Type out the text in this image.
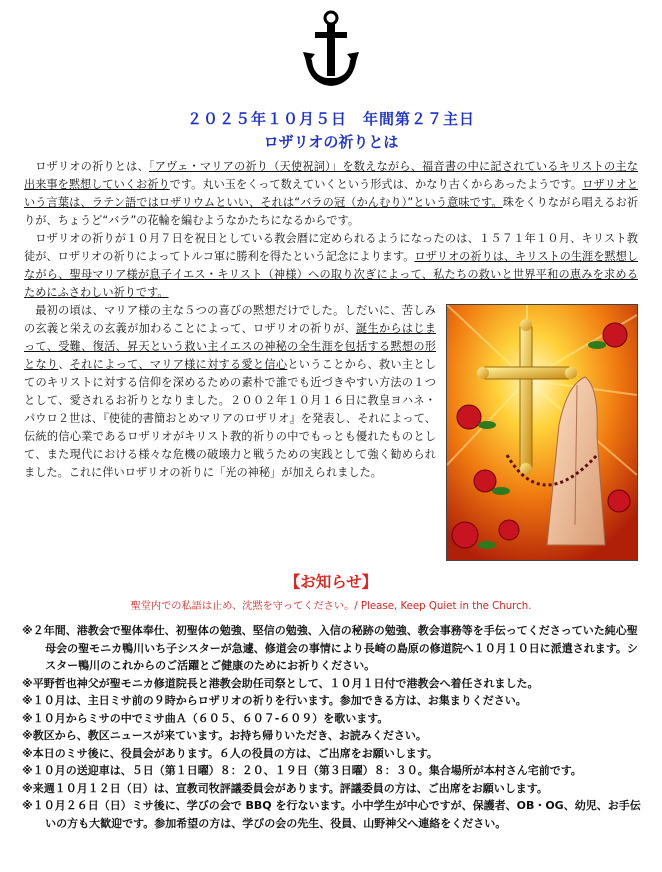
２０２５年１０月５日　年間第２７主日
ロザリオの祈りとは

ロザリオの祈りとは、「アヴェ・マリアの祈り（天使祝詞）」を数えながら、福音書の中に記されているキリストの主な出来事を黙想していくお祈りです。丸い玉をくって数えていくという形式は、かなり古くからあったようです。ロザリオという言葉は、ラテン語ではロザリウムといい、それは“バラの冠（かんむり）”という意味です。珠をくりながら唱えるお祈りが、ちょうど“バラ”の花輪を編むようなかたちになるからです。

ロザリオの祈りが１０月７日を祝日としている教会暦に定められるようになったのは、１５７１年１０月、キリスト教徒が、ロザリオの祈りによってトルコ軍に勝利を得たという記念によります。ロザリオの祈りは、キリストの生涯を黙想しながら、聖母マリア様が息子イエス・キリスト（神様）への取り次ぎによって、私たちの救いと世界平和の恵みを求めるためにふさわしい祈りです。

最初の頃は、マリア様の主な５つの喜びの黙想だけでした。しだいに、苦しみの玄義と栄えの玄義が加わることによって、ロザリオの祈りが、誕生からはじまって、受難、復活、昇天という救い主イエスの神秘の全生涯を包括する黙想の形となり、それによって、マリア様に対する愛と信心ということから、救い主としてのキリストに対する信仰を深めるための素朴で誰でも近づきやすい方法の１つとして、愛されるお祈りとなりました。２００２年１０月１６日に教皇ヨハネ・パウロ２世は、『使徒的書簡おとめマリアのロザリオ』を発表し、それによって、伝統的信心業であるロザリオがキリスト教的祈りの中でもっとも優れたものとして、また現代における様々な危機の破壊力と戦うための実践として強く勧められました。これに伴いロザリオの祈りに「光の神秘」が加えられました。

【お知らせ】
聖堂内での私語は止め、沈黙を守ってください。/ Please, Keep Quiet in the Church.
※２年間、港教会で聖体奉仕、初聖体の勉強、堅信の勉強、入信の秘跡の勉強、教会事務等を手伝ってくださっていた純心聖母会の聖モニカ鴨川いち子シスターが急遽、修道会の事情により長崎の島原の修道院へ１０月１０日に派遣されます。シスター鴨川のこれからのご活躍とご健康のためにお祈りください。
※平野哲也神父が聖モニカ修道院長と港教会助任司祭として、１０月１日付で港教会へ着任されました。
※１０月は、主日ミサ前の９時からロザリオの祈りを行います。参加できる方は、お集まりください。
※１０月からミサの中でミサ曲Ａ（６０５、６０７-６０９）を歌います。
※教区から、教区ニュースが来ています。お持ち帰りいただき、お読みください。
※本日のミサ後に、役員会があります。６人の役員の方は、ご出席をお願いします。
※１０月の送迎車は、５日（第１日曜）８：２０、１９日（第３日曜）８：３０。集合場所が本村さん宅前です。
※来週１０月１２日（日）は、宣教司牧評議委員会があります。評議委員の方は、ご出席をお願いします。
※１０月２６日（日）ミサ後に、学びの会で BBQ を行ないます。小中学生が中心ですが、保護者、OB・OG、幼児、お手伝いの方も大歓迎です。参加希望の方は、学びの会の先生、役員、山野神父へ連絡をください。
